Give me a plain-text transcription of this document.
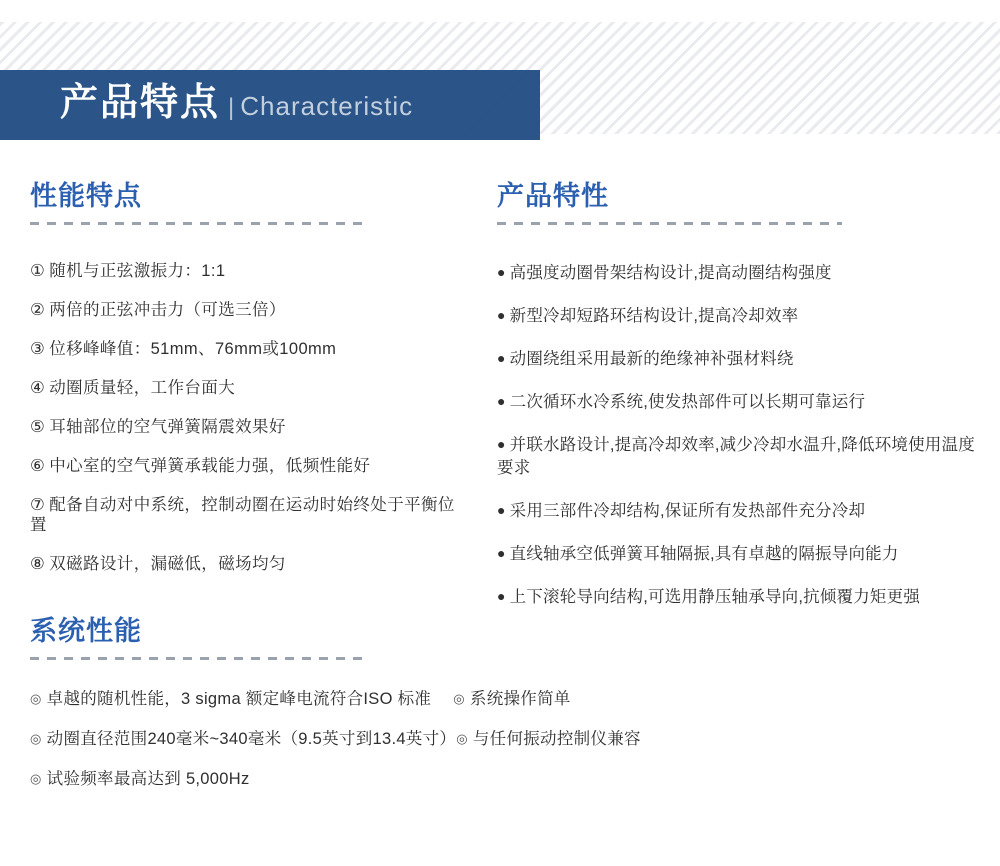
产品特点 | Characteristic
性能特点
① 随机与正弦激振力：1:1
② 两倍的正弦冲击力（可选三倍）
③ 位移峰峰值：51mm、76mm或100mm
④ 动圈质量轻，工作台面大
⑤ 耳轴部位的空气弹簧隔震效果好
⑥ 中心室的空气弹簧承载能力强，低频性能好
⑦ 配备自动对中系统，控制动圈在运动时始终处于平衡位置
⑧ 双磁路设计，漏磁低，磁场均匀
产品特性
● 高强度动圈骨架结构设计,提高动圈结构强度
● 新型冷却短路环结构设计,提高冷却效率
● 动圈绕组采用最新的绝缘神补强材料绕
● 二次循环水冷系统,使发热部件可以长期可靠运行
● 并联水路设计,提高冷却效率,减少冷却水温升,降低环境使用温度要求
● 采用三部件冷却结构,保证所有发热部件充分冷却
● 直线轴承空低弹簧耳轴隔振,具有卓越的隔振导向能力
● 上下滚轮导向结构,可选用静压轴承导向,抗倾覆力矩更强
系统性能
◎ 卓越的随机性能，3 sigma 额定峰电流符合ISO 标准 ◎ 系统操作简单
◎ 动圈直径范围240毫米~340毫米（9.5英寸到13.4英寸）◎ 与任何振动控制仪兼容
◎ 试验频率最高达到 5,000Hz
